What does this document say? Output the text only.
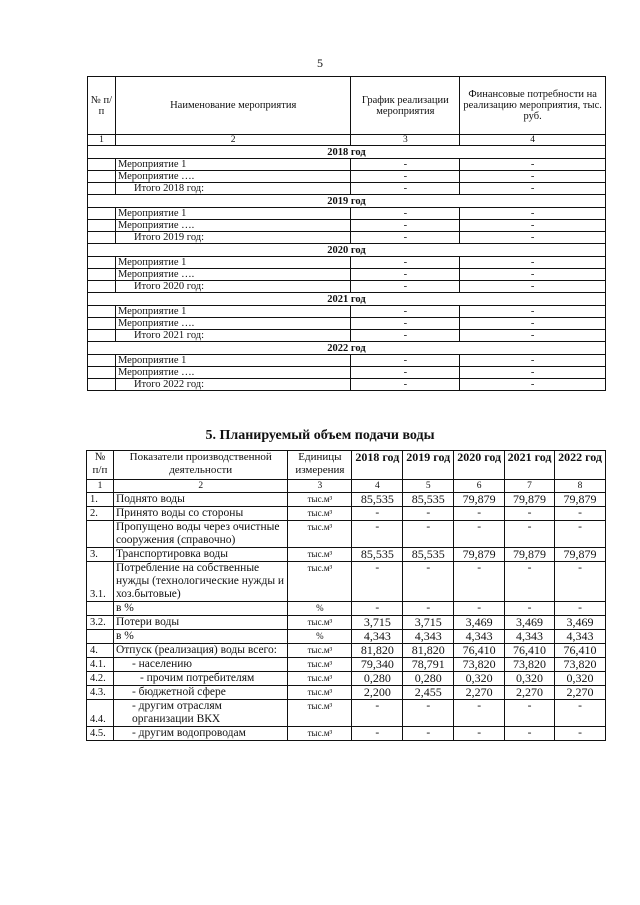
5
№ п/п	Наименование мероприятия	График реализации мероприятия	Финансовые потребности на реализацию мероприятия, тыс. руб.
1	2	3	4
2018 год			
	Мероприятие 1	-	-
	Мероприятие ….	-	-
	Итого 2018 год:	-	-
2019 год			
	Мероприятие 1	-	-
	Мероприятие ….	-	-
	Итого 2019 год:	-	-
2020 год			
	Мероприятие 1	-	-
	Мероприятие ….	-	-
	Итого 2020 год:	-	-
2021 год			
	Мероприятие 1	-	-
	Мероприятие ….	-	-
	Итого 2021 год:	-	-
2022 год			
	Мероприятие 1	-	-
	Мероприятие ….	-	-
	Итого 2022 год:	-	-
5. Планируемый объем подачи воды
№ п/п	Показатели производственной деятельности	Единицы измерения	2018 год	2019 год	2020 год	2021 год	2022 год
1	2	3	4	5	6	7	8
1.	Поднято воды	тыс.м³	85,535	85,535	79,879	79,879	79,879
2.	Принято воды со стороны	тыс.м³	-	-	-	-	-
	Пропущено воды через очистные сооружения (справочно)	тыс.м³	-	-	-	-	-
3.	Транспортировка воды	тыс.м³	85,535	85,535	79,879	79,879	79,879
3.1.	Потребление на собственные нужды (технологические нужды и хоз.бытовые)	тыс.м³	-	-	-	-	-
	в %	%	-	-	-	-	-
3.2.	Потери воды	тыс.м³	3,715	3,715	3,469	3,469	3,469
	в %	%	4,343	4,343	4,343	4,343	4,343
4.	Отпуск (реализация) воды всего:	тыс.м³	81,820	81,820	76,410	76,410	76,410
4.1.	- населению	тыс.м³	79,340	78,791	73,820	73,820	73,820
4.2.	- прочим потребителям	тыс.м³	0,280	0,280	0,320	0,320	0,320
4.3.	- бюджетной сфере	тыс.м³	2,200	2,455	2,270	2,270	2,270
4.4.	- другим отраслям организации ВКХ	тыс.м³	-	-	-	-	-
4.5.	- другим водопроводам	тыс.м³	-	-	-	-	-
